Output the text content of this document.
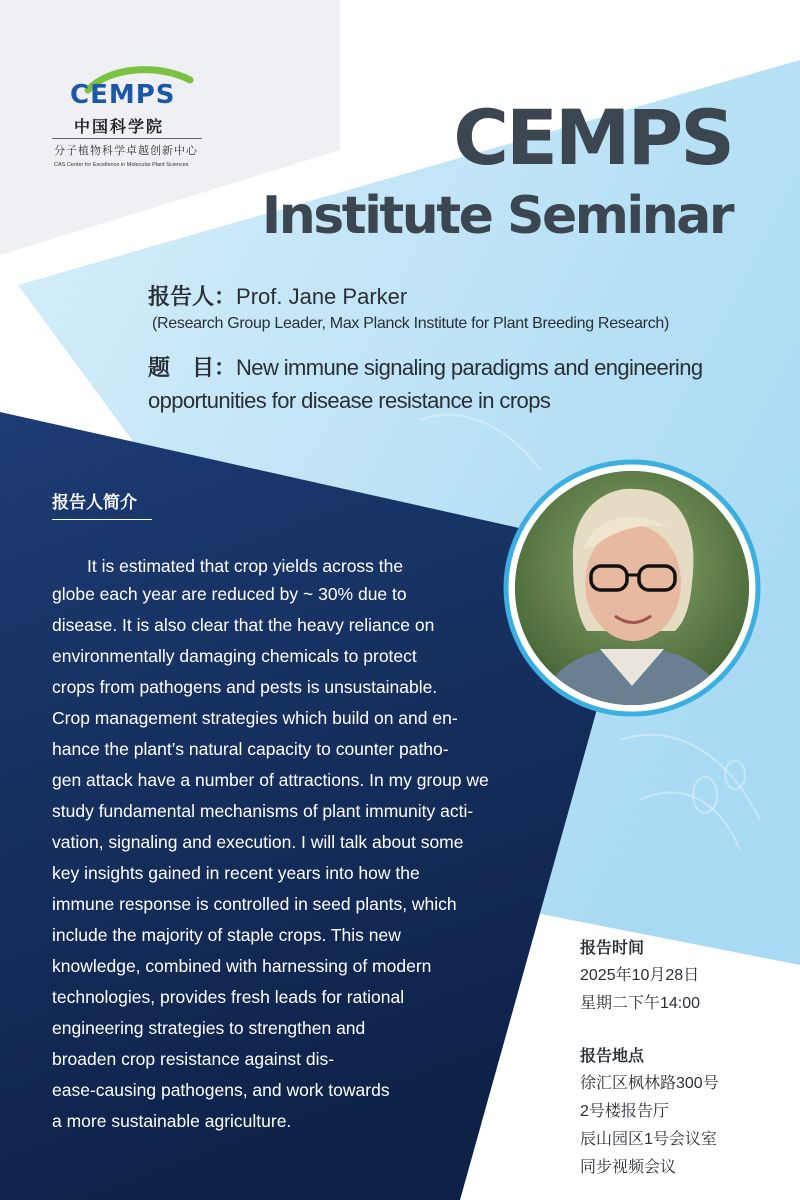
CEMPS
中国科学院
分子植物科学卓越创新中心
CAS Center for Excellence in Molecular Plant Sciences	CEMPS
Institute Seminar
报告人：Prof. Jane Parker
(Research Group Leader, Max Planck Institute for Plant Breeding Research)
题　目：New immune signaling paradigms and engineering opportunities for disease resistance in crops
报告人简介
　　It is estimated that crop yields across the
globe each year are reduced by ~ 30% due to
disease. It is also clear that the heavy reliance on
environmentally damaging chemicals to protect
crops from pathogens and pests is unsustainable.
Crop management strategies which build on and en-
hance the plant’s natural capacity to counter patho-
gen attack have a number of attractions. In my group we
study fundamental mechanisms of plant immunity acti-
vation, signaling and execution. I will talk about some
key insights gained in recent years into how the
immune response is controlled in seed plants, which
include the majority of staple crops. This new
knowledge, combined with harnessing of modern
technologies, provides fresh leads for rational
engineering strategies to strengthen and
broaden crop resistance against dis-
ease-causing pathogens, and work towards
a more sustainable agriculture.
报告时间
2025年10月28日
星期二下午14:00
报告地点
徐汇区枫林路300号
2号楼报告厅
辰山园区1号会议室
同步视频会议
